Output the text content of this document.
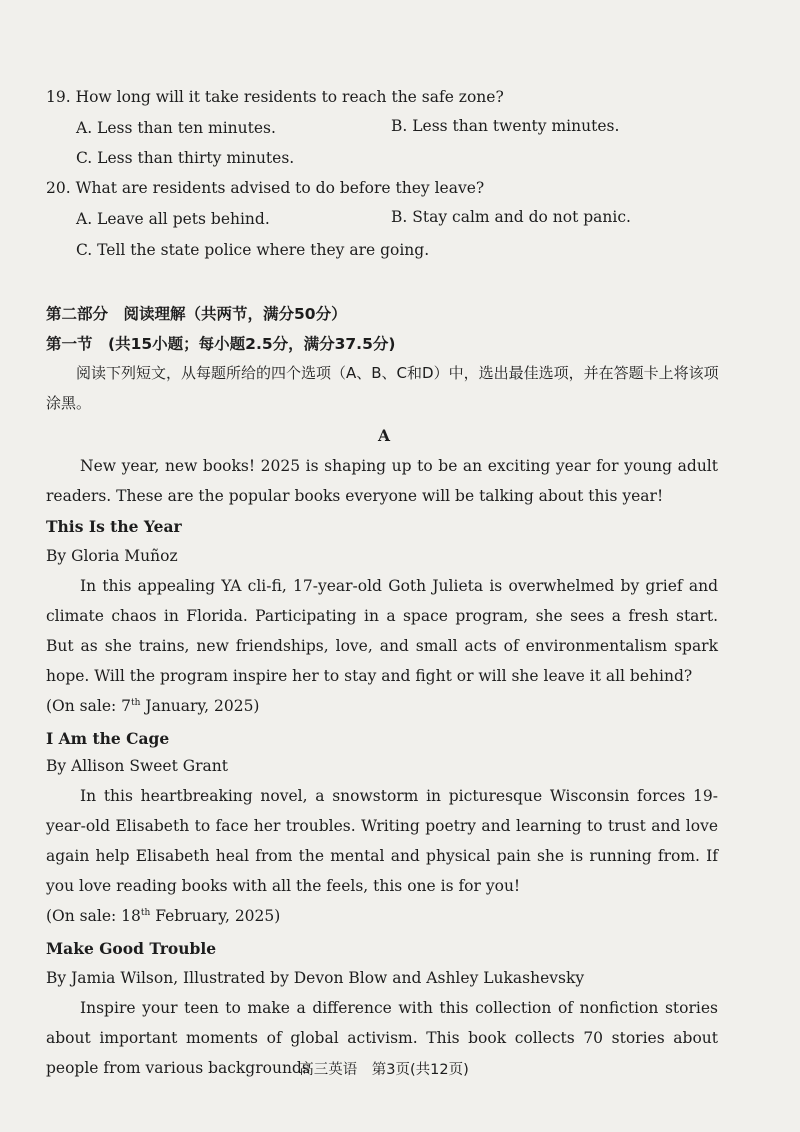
19. How long will it take residents to reach the safe zone?
A. Less than ten minutes.	B. Less than twenty minutes.
C. Less than thirty minutes.
20. What are residents advised to do before they leave?
A. Leave all pets behind.	B. Stay calm and do not panic.
C. Tell the state police where they are going.
第二部分　阅读理解（共两节，满分50分）
第一节　(共15小题；每小题2.5分，满分37.5分)
阅读下列短文，从每题所给的四个选项（A、B、C和D）中，选出最佳选项，并在答题卡上将该项涂黑。
A
New year, new books! 2025 is shaping up to be an exciting year for young adult readers. These are the popular books everyone will be talking about this year!
This Is the Year
By Gloria Muñoz
In this appealing YA cli-fi, 17-year-old Goth Julieta is overwhelmed by grief and climate chaos in Florida. Participating in a space program, she sees a fresh start. But as she trains, new friendships, love, and small acts of environmentalism spark hope. Will the program inspire her to stay and fight or will she leave it all behind?
(On sale: 7th January, 2025)
I Am the Cage
By Allison Sweet Grant
In this heartbreaking novel, a snowstorm in picturesque Wisconsin forces 19-year-old Elisabeth to face her troubles. Writing poetry and learning to trust and love again help Elisabeth heal from the mental and physical pain she is running from. If you love reading books with all the feels, this one is for you!
(On sale: 18th February, 2025)
Make Good Trouble
By Jamia Wilson, Illustrated by Devon Blow and Ashley Lukashevsky
Inspire your teen to make a difference with this collection of nonfiction stories about important moments of global activism. This book collects 70 stories about people from various backgrounds
高三英语　第3页(共12页)
